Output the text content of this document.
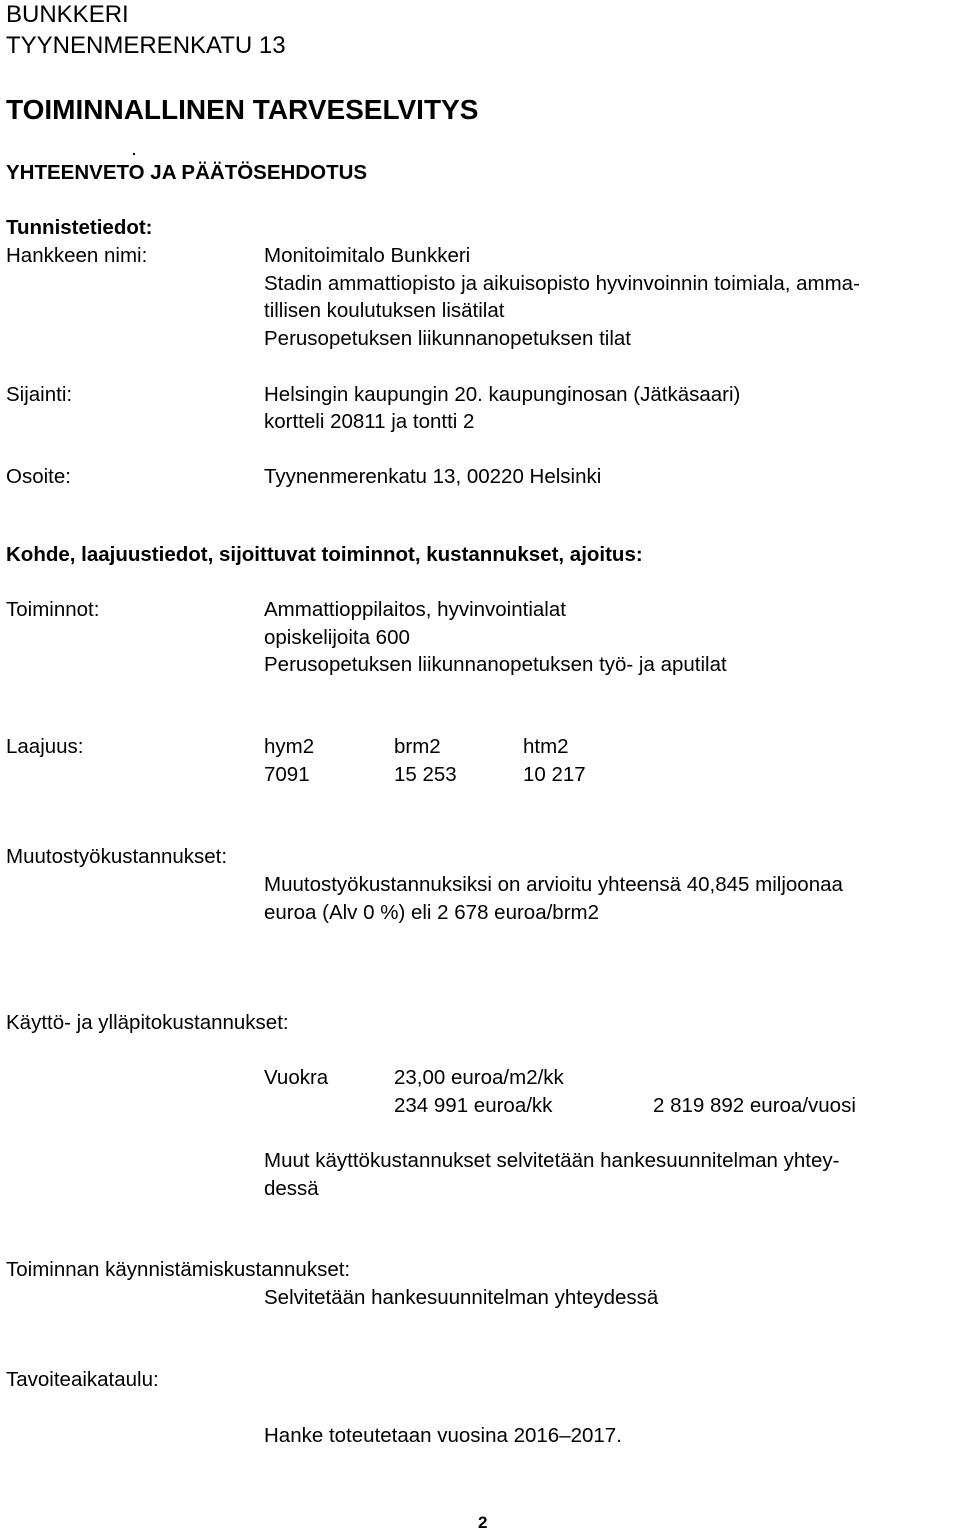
BUNKKERI
TYYNENMERENKATU 13
TOIMINNALLINEN TARVESELVITYS
YHTEENVETO JA PÄÄTÖSEHDOTUS
Tunnistetiedot:
Hankkeen nimi:	Monitoimitalo Bunkkeri
Stadin ammattiopisto ja aikuisopisto hyvinvoinnin toimiala, amma-
tillisen koulutuksen lisätilat
Perusopetuksen liikunnanopetuksen tilat
Sijainti:	Helsingin kaupungin 20. kaupunginosan (Jätkäsaari)
kortteli 20811 ja tontti 2
Osoite:	Tyynenmerenkatu 13, 00220 Helsinki
Kohde, laajuustiedot, sijoittuvat toiminnot, kustannukset, ajoitus:
Toiminnot:	Ammattioppilaitos, hyvinvointialat
opiskelijoita 600
Perusopetuksen liikunnanopetuksen työ- ja aputilat
Laajuus:	hym2	brm2	htm2
7091	15 253	10 217
Muutostyökustannukset:
Muutostyökustannuksiksi on arvioitu yhteensä 40,845 miljoonaa
euroa (Alv 0 %) eli 2 678 euroa/brm2
Käyttö- ja ylläpitokustannukset:
Vuokra	23,00 euroa/m2/kk
234 991 euroa/kk	2 819 892 euroa/vuosi
Muut käyttökustannukset selvitetään hankesuunnitelman yhtey-
dessä
Toiminnan käynnistämiskustannukset:
Selvitetään hankesuunnitelman yhteydessä
Tavoiteaikataulu:
Hanke toteutetaan vuosina 2016–2017.
2
